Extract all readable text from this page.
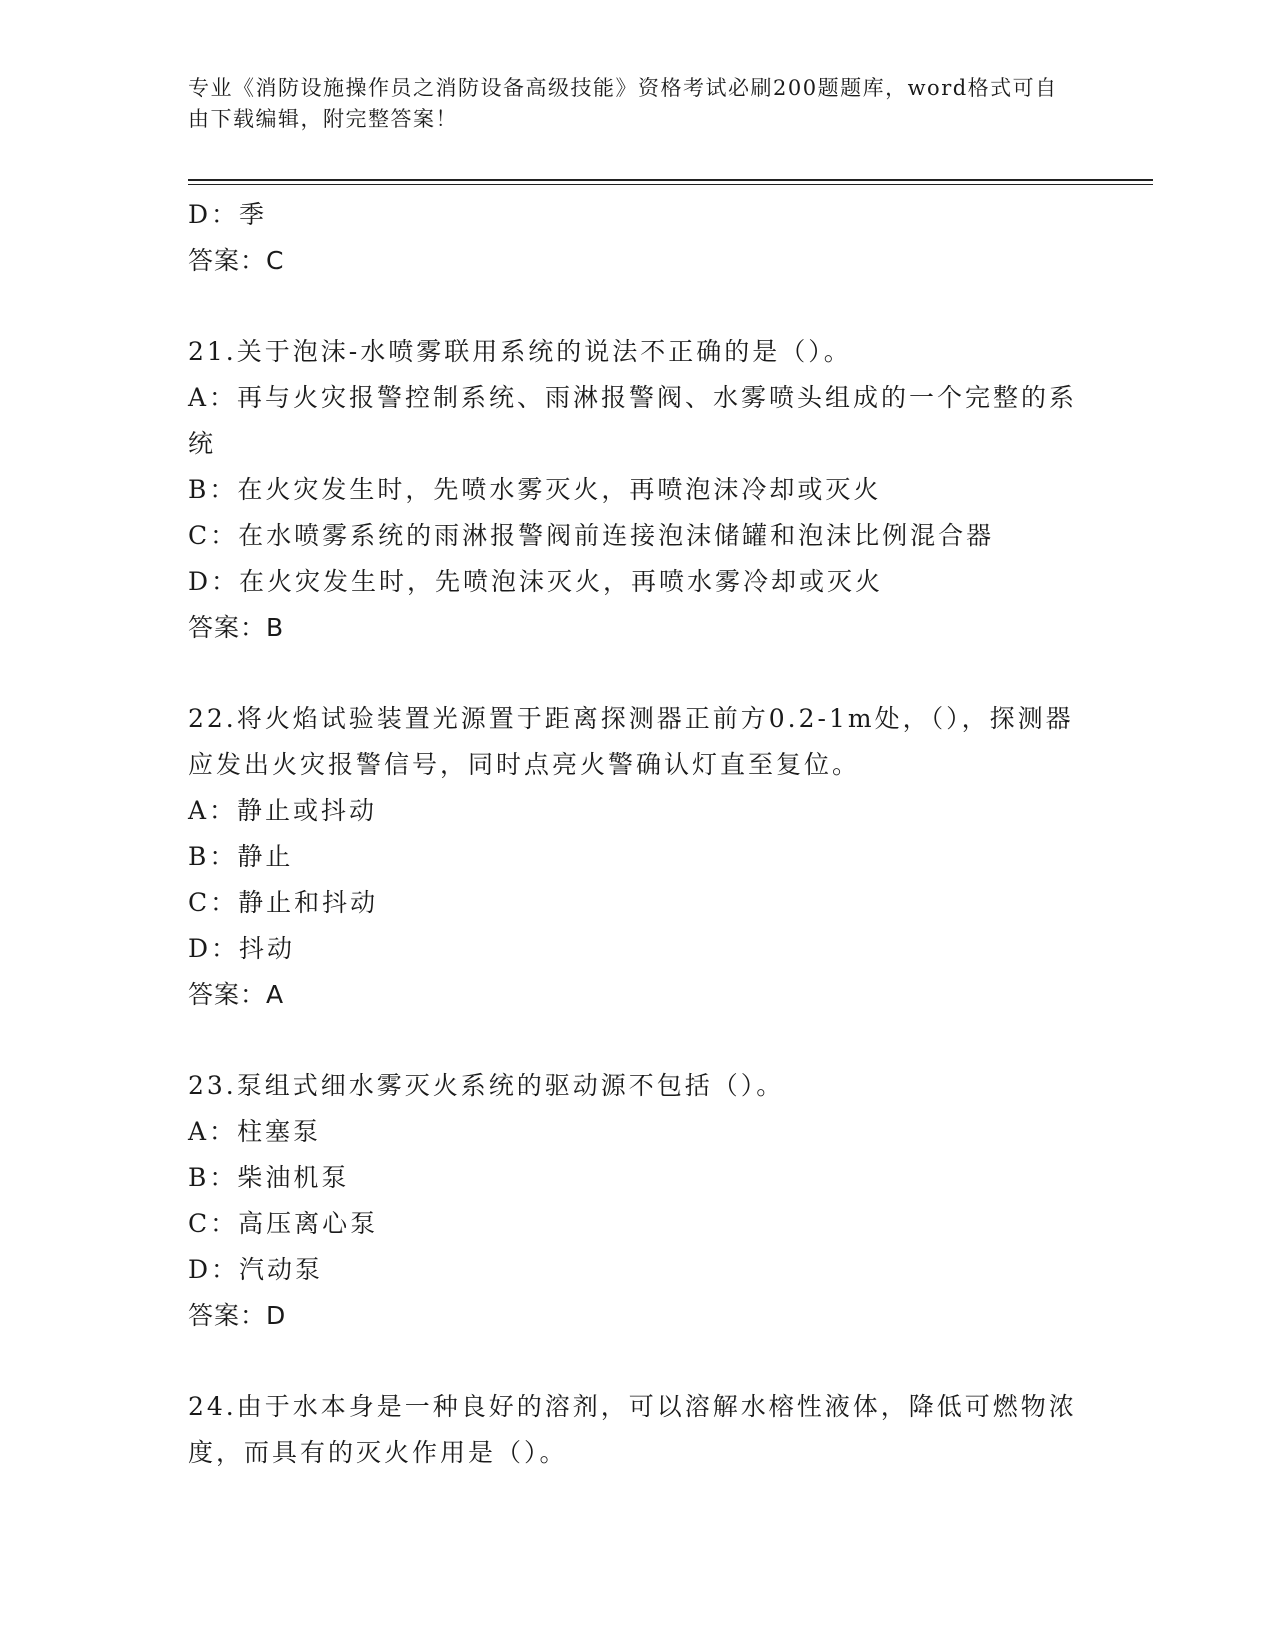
专业《消防设施操作员之消防设备高级技能》资格考试必刷200题题库，word格式可自由下载编辑，附完整答案！
D：季
答案：C
21.关于泡沫-水喷雾联用系统的说法不正确的是（）。
A：再与火灾报警控制系统、雨淋报警阀、水雾喷头组成的一个完整的系统
B：在火灾发生时，先喷水雾灭火，再喷泡沫冷却或灭火
C：在水喷雾系统的雨淋报警阀前连接泡沫储罐和泡沫比例混合器
D：在火灾发生时，先喷泡沫灭火，再喷水雾冷却或灭火
答案：B
22.将火焰试验装置光源置于距离探测器正前方0.2-1m处，（），探测器应发出火灾报警信号，同时点亮火警确认灯直至复位。
A：静止或抖动
B：静止
C：静止和抖动
D：抖动
答案：A
23.泵组式细水雾灭火系统的驱动源不包括（）。
A：柱塞泵
B：柴油机泵
C：高压离心泵
D：汽动泵
答案：D
24.由于水本身是一种良好的溶剂，可以溶解水榕性液体，降低可燃物浓度，而具有的灭火作用是（）。
